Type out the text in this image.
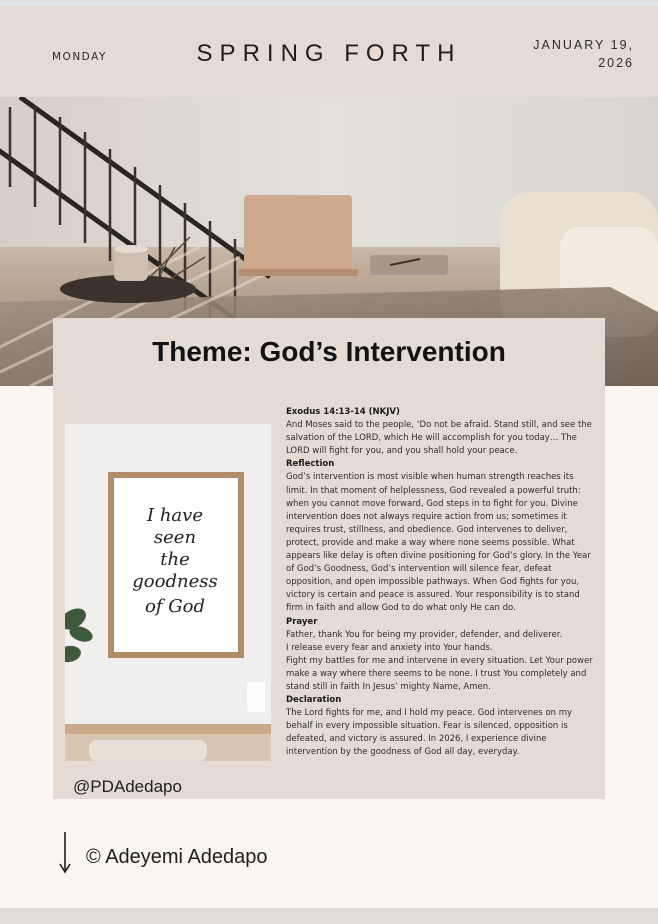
MONDAY	SPRING FORTH	JANUARY 19,
2026
Theme: God’s Intervention
I have
seen
the
goodness
of God
@PDAdedapo

Exodus 14:13-14 (NKJV)

And Moses said to the people, ‘Do not be afraid. Stand still, and see the salvation of the LORD, which He will accomplish for you today… The LORD will fight for you, and you shall hold your peace.

Reflection

God’s intervention is most visible when human strength reaches its limit. In that moment of helplessness, God revealed a powerful truth: when you cannot move forward, God steps in to fight for you. Divine intervention does not always require action from us; sometimes it requires trust, stillness, and obedience. God intervenes to deliver, protect, provide and make a way where none seems possible. What appears like delay is often divine positioning for God’s glory. In the Year of God’s Goodness, God’s intervention will silence fear, defeat opposition, and open impossible pathways. When God fights for you, victory is certain and peace is assured. Your responsibility is to stand firm in faith and allow God to do what only He can do.

Prayer

Father, thank You for being my provider, defender, and deliverer.

I release every fear and anxiety into Your hands.

Fight my battles for me and intervene in every situation. Let Your power make a way where there seems to be none. I trust You completely and stand still in faith In Jesus’ mighty Name, Amen.

Declaration

The Lord fights for me, and I hold my peace. God intervenes on my behalf in every impossible situation. Fear is silenced, opposition is defeated, and victory is assured. In 2026, I experience divine intervention by the goodness of God all day, everyday.

© Adeyemi Adedapo
